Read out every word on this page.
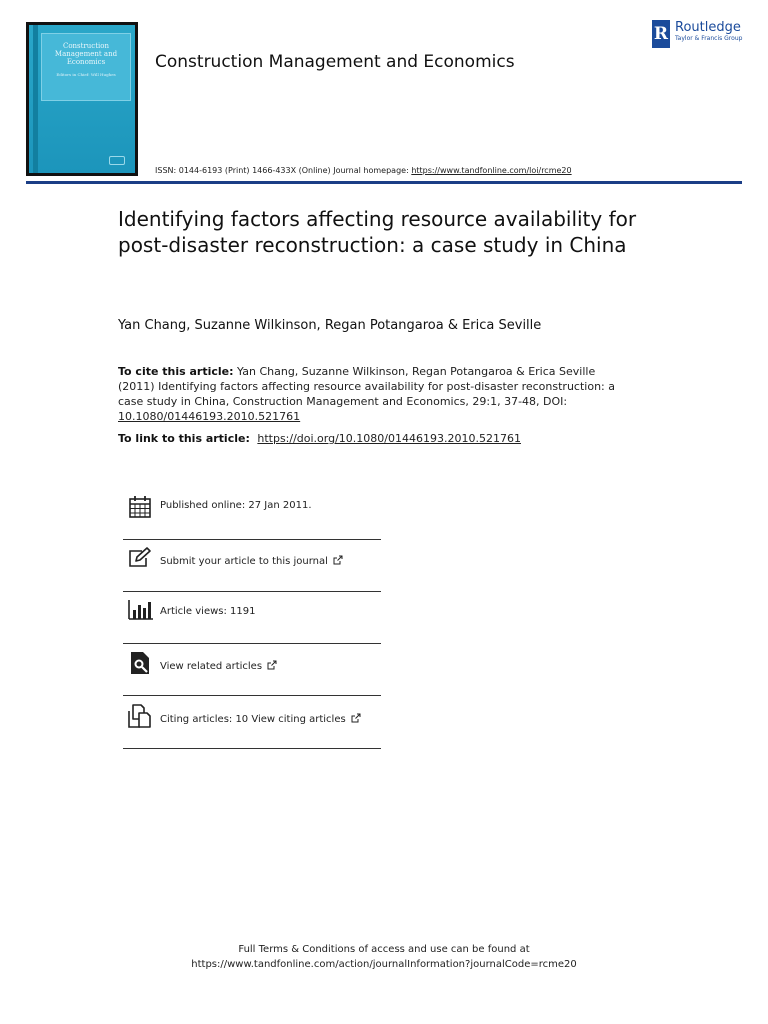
Construction Management and Economics
Editors in Chief: Will Hughes
Construction Management and Economics
R Routledge
Taylor & Francis Group
ISSN: 0144-6193 (Print) 1466-433X (Online) Journal homepage: https://www.tandfonline.com/loi/rcme20
Identifying factors affecting resource availability for post-disaster reconstruction: a case study in China
Yan Chang, Suzanne Wilkinson, Regan Potangaroa & Erica Seville
To cite this article: Yan Chang, Suzanne Wilkinson, Regan Potangaroa & Erica Seville (2011) Identifying factors affecting resource availability for post-disaster reconstruction: a case study in China, Construction Management and Economics, 29:1, 37-48, DOI: 10.1080/01446193.2010.521761
To link to this article: https://doi.org/10.1080/01446193.2010.521761
Published online: 27 Jan 2011.
Submit your article to this journal
Article views: 1191
View related articles
Citing articles: 10 View citing articles
Full Terms & Conditions of access and use can be found at
https://www.tandfonline.com/action/journalInformation?journalCode=rcme20
